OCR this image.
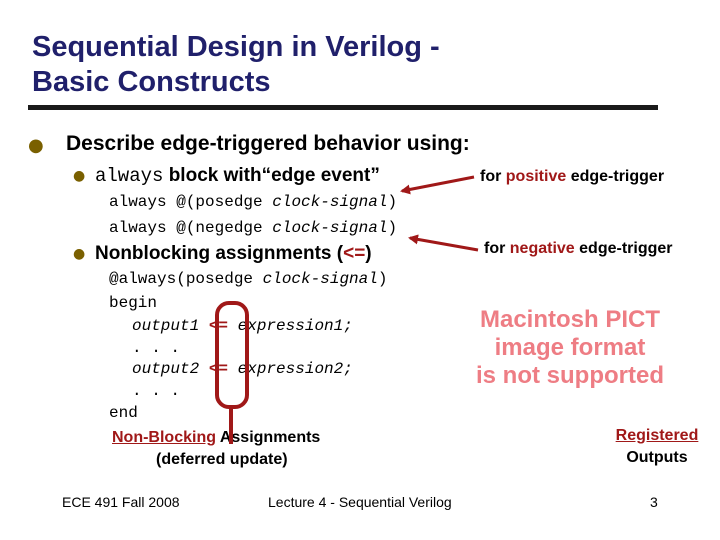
Sequential Design in Verilog -
Basic Constructs
● Describe edge-triggered behavior using:
● always block with“edge event”
always @(posedge clock-signal)
always @(negedge clock-signal)
● Nonblocking assignments (<=)
for positive edge-trigger
for negative edge-trigger
@always(posedge clock-signal)
begin
output1 <= expression1;
. . .
output2 <= expression2;
. . .
end
Macintosh PICT
image format
is not supported
Non-Blocking Assignments
(deferred update)
Registered
Outputs
ECE 491 Fall 2008	Lecture 4 - Sequential Verilog	3
